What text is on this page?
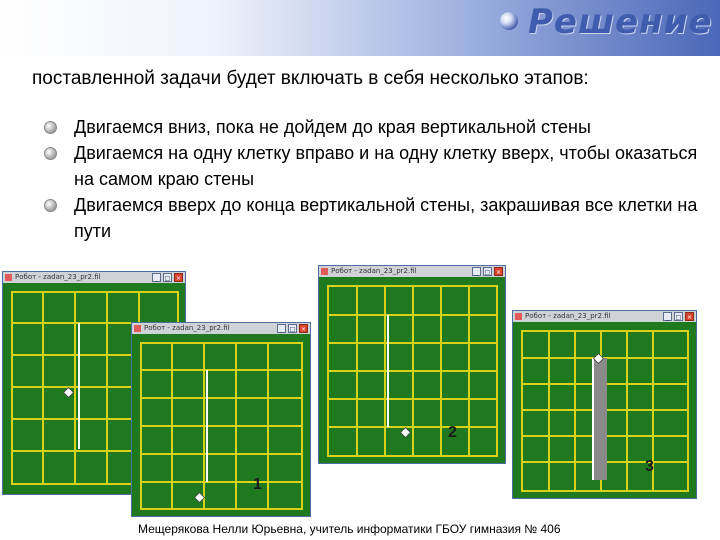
Решение
поставленной задачи будет включать в себя несколько этапов:
Двигаемся вниз, пока не дойдем до края вертикальной стены
Двигаемся на одну клетку вправо и на одну клетку вверх, чтобы оказаться на самом краю стены
Двигаемся вверх до конца вертикальной стены, закрашивая все клетки на пути
Робот - zadan_23_pr2.fil	_	□ ×
Робот - zadan_23_pr2.fil	_	□ ×
1
Робот - zadan_23_pr2.fil	_	□ ×
2
Робот - zadan_23_pr2.fil	_	□ ×
3
Мещерякова Нелли Юрьевна, учитель информатики ГБОУ гимназия № 406
